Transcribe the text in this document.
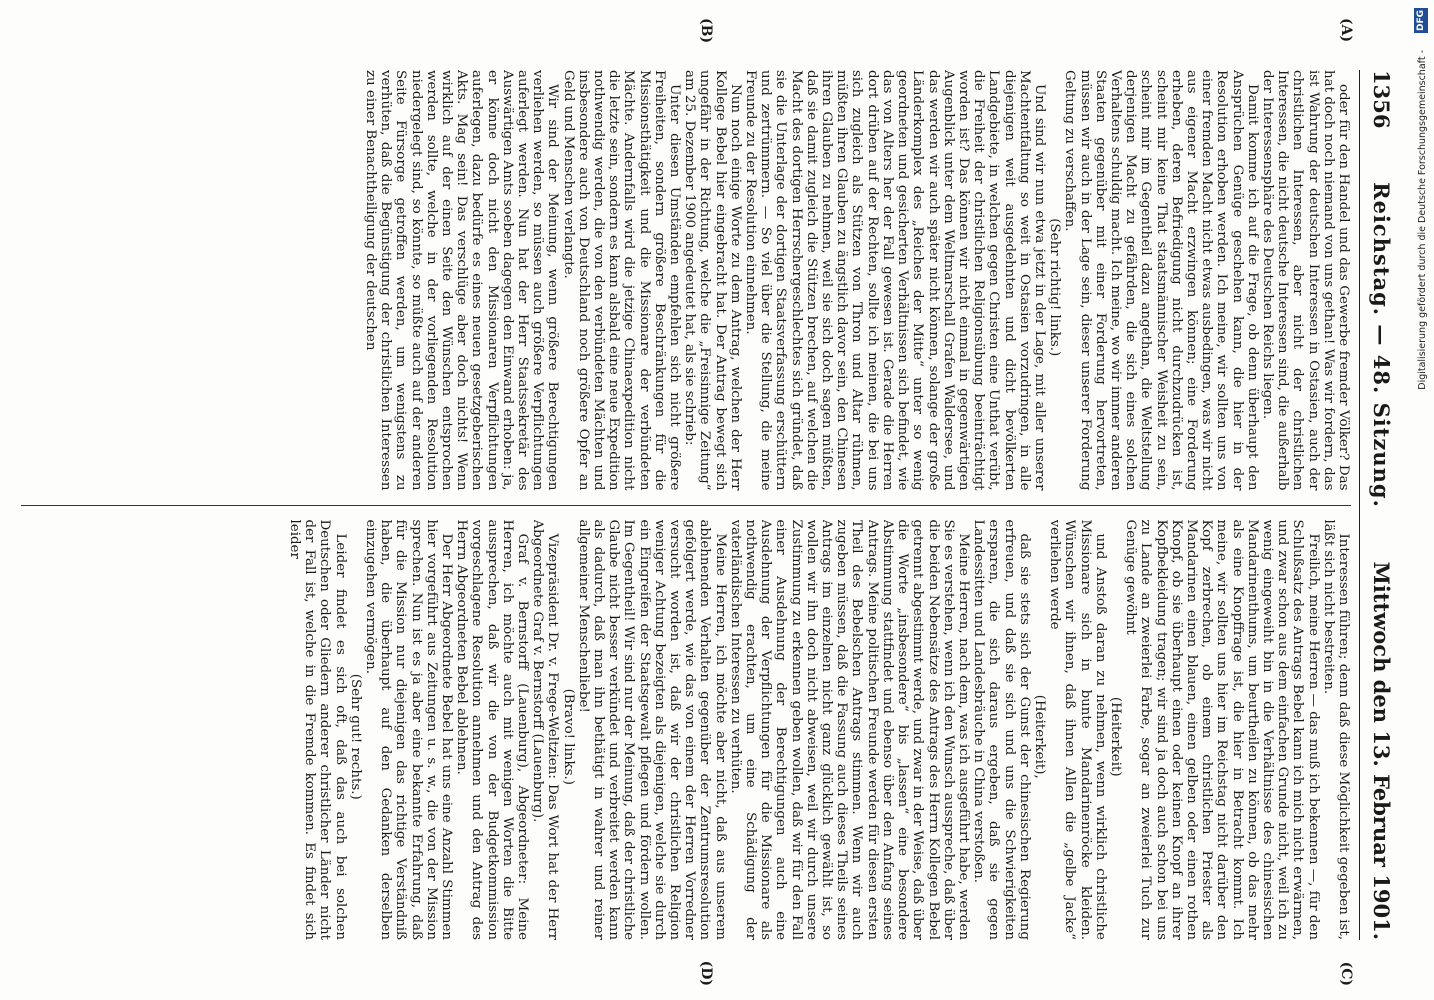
1356
Reichstag. — 48. Sitzung.
Mittwoch den 13. Februar 1901.
(A)
(B)
(C)
(D)

oder für den Handel und das Gewerbe fremder Völker? Das hat doch noch niemand von uns gethan! Was wir fordern, das ist Wahrung der deutschen Interessen in Ostasien, auch der christlichen Interessen, aber nicht der christlichen Interessen, die nicht deutsche Interessen sind, die außerhalb der Interessensphäre des Deutschen Reichs liegen.

Damit komme ich auf die Frage, ob denn überhaupt den Ansprüchen Genüge geschehen kann, die hier in der Resolution erhoben werden. Ich meine, wir sollten uns von einer fremden Macht nicht etwas ausbedingen, was wir nicht aus eigener Macht erzwingen können; eine Forderung erheben, deren Befriedigung nicht durchzudrücken ist, scheint mir keine That staatsmännischer Weisheit zu sein, scheint mir im Gegentheil dazu angethan, die Weltstellung derjenigen Macht zu gefährden, die sich eines solchen Verhaltens schuldig macht. Ich meine, wo wir immer anderen Staaten gegenüber mit einer Forderung hervortreten, müssen wir auch in der Lage sein, dieser unserer Forderung Geltung zu verschaffen.

(Sehr richtig! links.)

Und sind wir nun etwa jetzt in der Lage, mit aller unserer Machtentfaltung so weit in Ostasien vorzudringen, in alle diejenigen weit ausgedehnten und dicht bevölkerten Landgebiete, in welchen gegen Christen eine Unthat verübt, die Freiheit der christlichen Religionsübung beeinträchtigt worden ist? Das können wir nicht einmal in gegenwärtigen Augenblick unter dem Weltmarschall Grafen Waldersee, und das werden wir auch später nicht können, solange der große Länderkomplex des „Reiches der Mitte“ unter so wenig geordneten und gesicherten Verhältnissen sich befindet, wie das von Alters her der Fall gewesen ist. Gerade die Herren dort drüben auf der Rechten, sollte ich meinen, die bei uns sich zugleich als Stützen von Thron und Altar rühmen, müßten ihren Glauben zu ängstlich davor sein, den Chinesen ihren Glauben zu nehmen, weil sie sich doch sagen müßten, daß sie damit zugleich die Stützen brechen, auf welchen die Macht des dortigen Herrschergeschlechtes sich gründet, daß sie die Unterlage der dortigen Staatsverfassung erschüttern und zertrümmern. — So viel über die Stellung, die meine Freunde zu der Resolution einnehmen.

Nun noch einige Worte zu dem Antrag, welchen der Herr Kollege Bebel hier eingebracht hat. Der Antrag bewegt sich ungefähr in der Richtung, welche die „Freisinnige Zeitung“ am 25. Dezember 1900 angedeutet hat, als sie schrieb:

Unter diesen Umständen empfehlen sich nicht größere Freiheiten, sondern größere Beschränkungen für die Missionsthätigkeit und die Missionare der verbündeten Mächte. Andernfalls wird die jetzige Chinaexpedition nicht die letzte sein, sondern es kann alsbald eine neue Expedition nothwendig werden, die von den verbündeten Mächten und insbesondere auch von Deutschland noch größere Opfer an Geld und Menschen verlangte.

Wir sind der Meinung, wenn größere Berechtigungen verliehen werden, so müssen auch größere Verpflichtungen auferlegt werden. Nun hat der Herr Staatssekretär des Auswärtigen Amts soeben dagegen den Einwand erhoben: ja, er könne doch nicht den Missionaren Verpflichtungen auferlegen, dazu bedürfe es eines neuen gesetzgeberischen Akts. Mag sein! Das verschlüge aber doch nichts! Wenn wirklich auf der einen Seite den Wünschen entsprochen werden sollte, welche in der vorliegenden Resolution niedergelegt sind, so könnte, so müßte auch auf der anderen Seite Fürsorge getroffen werden, um wenigstens zu verhüten, daß die Begünstigung der christlichen Interessen zu einer Benachtheiligung der deutschen

Interessen führen; denn daß diese Möglichkeit gegeben ist, läßt sich nicht bestreiten.

Freilich, meine Herren — das muß ich bekennen —, für den Schlußsatz des Antrags Bebel kann ich mich nicht erwärmen, und zwar schon aus dem einfachen Grunde nicht, weil ich zu wenig eingeweiht bin in die Verhältnisse des chinesischen Mandarinenthums, um beurtheilen zu können, ob das mehr als eine Knopffrage ist, die hier in Betracht kommt. Ich meine, wir sollten uns hier im Reichstag nicht darüber den Kopf zerbrechen, ob einem christlichen Priester als Mandarinen einen blauen, einen gelben oder einen rothen Knopf, ob sie überhaupt einen oder keinen Knopf an ihrer Kopfbekleidung tragen; wir sind ja doch auch schon bei uns zu Lande an zweierlei Farbe, sogar an zweierlei Tuch zur Genüge gewöhnt

(Heiterkeit)

und Anstoß daran zu nehmen, wenn wirklich christliche Missionare sich in bunte Mandarinenröcke kleiden. Wünschen wir ihnen, daß ihnen Allen die „gelbe Jacke“ verliehen werde

(Heiterkeit),

daß sie stets sich der Gunst der chinesischen Regierung erfreuen, und daß sie sich und uns die Schwierigkeiten ersparen, die sich daraus ergeben, daß sie gegen Landessitten und Landesbräuche in China verstoßen.

Meine Herren, nach dem, was ich ausgeführt habe, werden Sie es verstehen, wenn ich den Wunsch ausspreche, daß über die beiden Nebensätze des Antrags des Herrn Kollegen Bebel getrennt abgestimmt werde, und zwar in der Weise, daß über die Worte „insbesondere“ bis „lassen“ eine besondere Abstimmung stattfindet und ebenso über den Anfang seines Antrags. Meine politischen Freunde werden für diesen ersten Theil des Bebelschen Antrags stimmen. Wenn wir auch zugeben müssen, daß die Fassung auch dieses Theils seines Antrags im einzelnen nicht ganz glücklich gewählt ist, so wollen wir ihn doch nicht abweisen, weil wir durch unsere Zustimmung zu erkennen geben wollen, daß wir für den Fall einer Ausdehnung der Berechtigungen auch eine Ausdehnung der Verpflichtungen für die Missionare als nothwendig erachten, um eine Schädigung der vaterländischen Interessen zu verhüten.

Meine Herren, ich möchte aber nicht, daß aus unserem ablehnenden Verhalten gegenüber der Zentrumsresolution gefolgert werde, wie das von einem der Herren Vorredner versucht worden ist, daß wir der christlichen Religion weniger Achtung bezeigten als diejenigen, welche sie durch ein Eingreifen der Staatsgewalt pflegen und fördern wollen. Im Gegentheil! Wir sind nur der Meinung, daß der christliche Glaube nicht besser verkündet und verbreitet werden kann als dadurch, daß man ihn bethätigt in wahrer und reiner allgemeiner Menschenliebe!

(Bravo! links.)

Vizepräsident Dr. v. Frege-Weltzien: Das Wort hat der Herr Abgeordnete Graf v. Bernstorff (Lauenburg).

Graf v. Bernstorff (Lauenburg), Abgeordneter: Meine Herren, ich möchte auch mit wenigen Worten die Bitte aussprechen, daß wir die von der Budgetkommission vorgeschlagene Resolution annehmen und den Antrag des Herrn Abgeordneten Bebel ablehnen.

Der Herr Abgeordnete Bebel hat uns eine Anzahl Stimmen hier vorgeführt aus Zeitungen u. s. w., die von der Mission sprechen. Nun ist es ja aber eine bekannte Erfahrung, daß für die Mission nur diejenigen das richtige Verständniß haben, die überhaupt auf den Gedanken derselben einzugehen vermögen.

(Sehr gut! rechts.)

Leider findet es sich oft, daß das auch bei solchen Deutschen oder Gliedern anderer christlicher Länder nicht der Fall ist, welche in die Fremde kommen. Es findet sich leider

DFG
Digitalisierung gefördert durch die Deutsche Forschungsgemeinschaft -
